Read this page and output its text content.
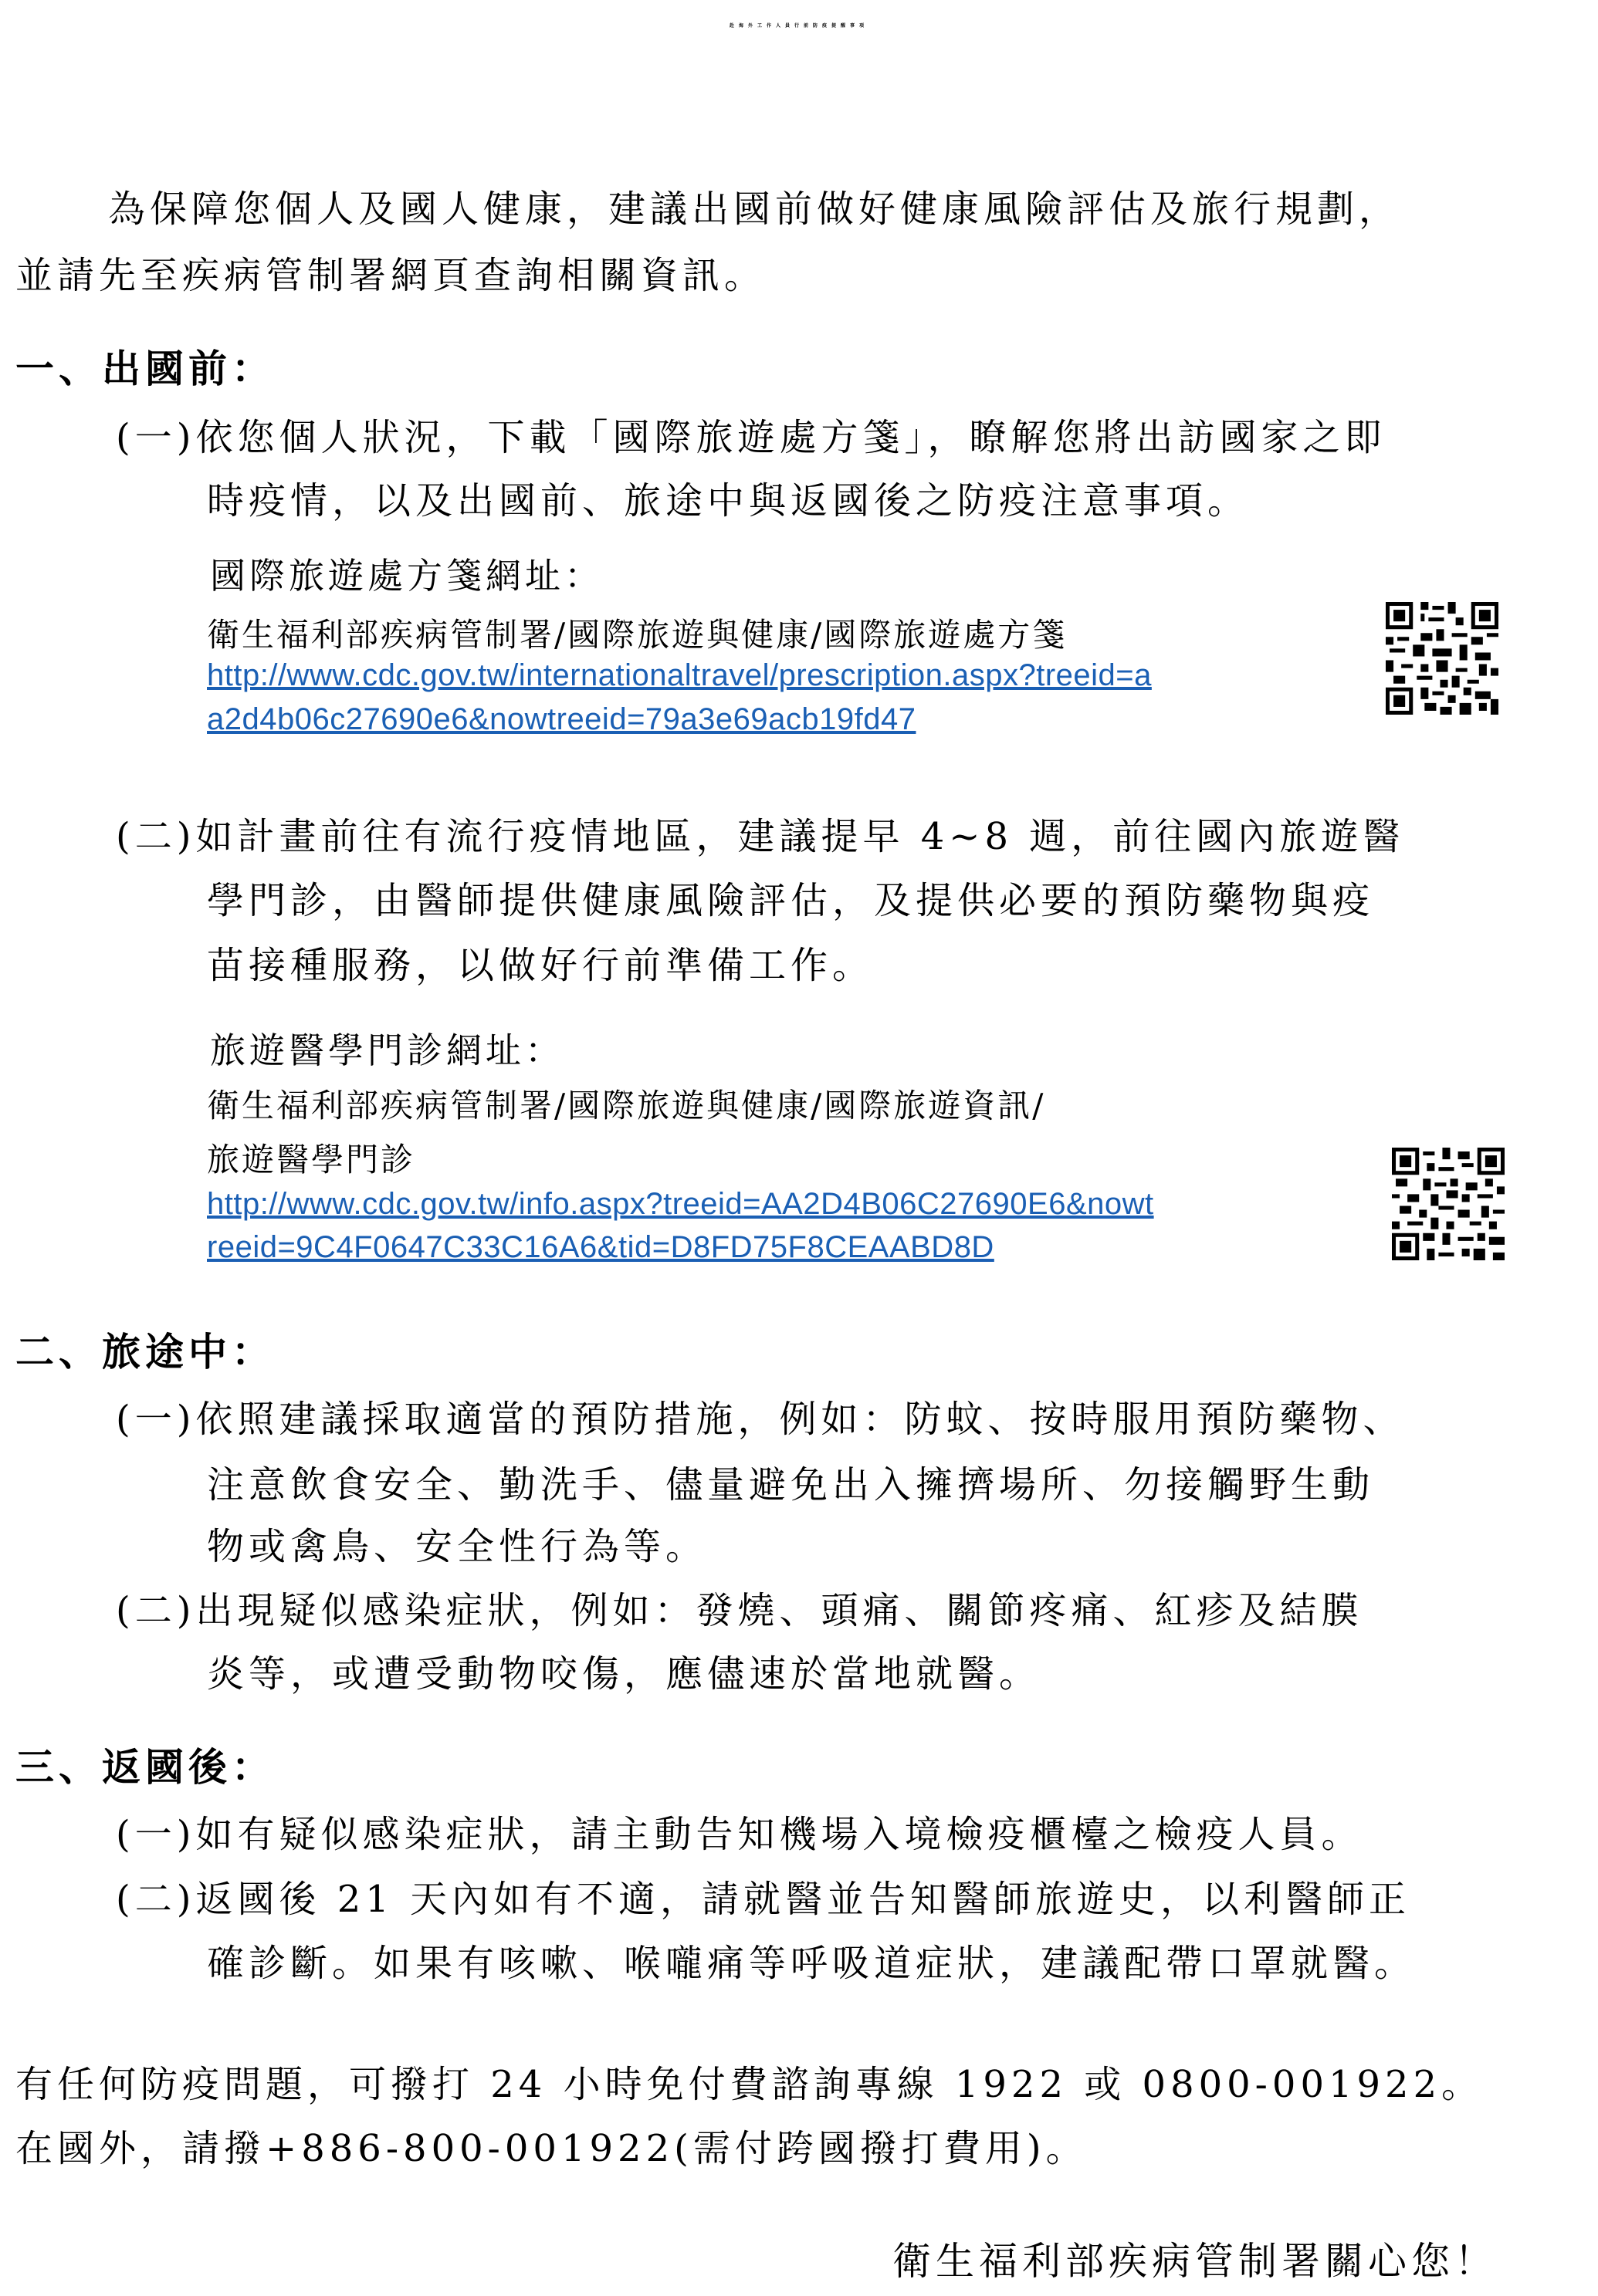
赴海外工作人員行前防疫提醒事項
為保障您個人及國人健康，建議出國前做好健康風險評估及旅行規劃，
並請先至疾病管制署網頁查詢相關資訊。
一、出國前：
(一)依您個人狀況，下載「國際旅遊處方箋」，瞭解您將出訪國家之即
時疫情，以及出國前、旅途中與返國後之防疫注意事項。
國際旅遊處方箋網址：
衛生福利部疾病管制署/國際旅遊與健康/國際旅遊處方箋
http://www.cdc.gov.tw/internationaltravel/prescription.aspx?treeid=a
a2d4b06c27690e6&nowtreeid=79a3e69acb19fd47
(二)如計畫前往有流行疫情地區，建議提早 4~8 週，前往國內旅遊醫
學門診，由醫師提供健康風險評估，及提供必要的預防藥物與疫
苗接種服務，以做好行前準備工作。
旅遊醫學門診網址：
衛生福利部疾病管制署/國際旅遊與健康/國際旅遊資訊/
旅遊醫學門診
http://www.cdc.gov.tw/info.aspx?treeid=AA2D4B06C27690E6&nowt
reeid=9C4F0647C33C16A6&tid=D8FD75F8CEAABD8D
二、旅途中：
(一)依照建議採取適當的預防措施，例如：防蚊、按時服用預防藥物、
注意飲食安全、勤洗手、儘量避免出入擁擠場所、勿接觸野生動
物或禽鳥、安全性行為等。
(二)出現疑似感染症狀，例如：發燒、頭痛、關節疼痛、紅疹及結膜
炎等，或遭受動物咬傷，應儘速於當地就醫。
三、返國後：
(一)如有疑似感染症狀，請主動告知機場入境檢疫櫃檯之檢疫人員。
(二)返國後 21 天內如有不適，請就醫並告知醫師旅遊史，以利醫師正
確診斷。如果有咳嗽、喉嚨痛等呼吸道症狀，建議配帶口罩就醫。
有任何防疫問題，可撥打 24 小時免付費諮詢專線 1922 或 0800-001922。
在國外，請撥+886-800-001922(需付跨國撥打費用)。
衛生福利部疾病管制署關心您！
